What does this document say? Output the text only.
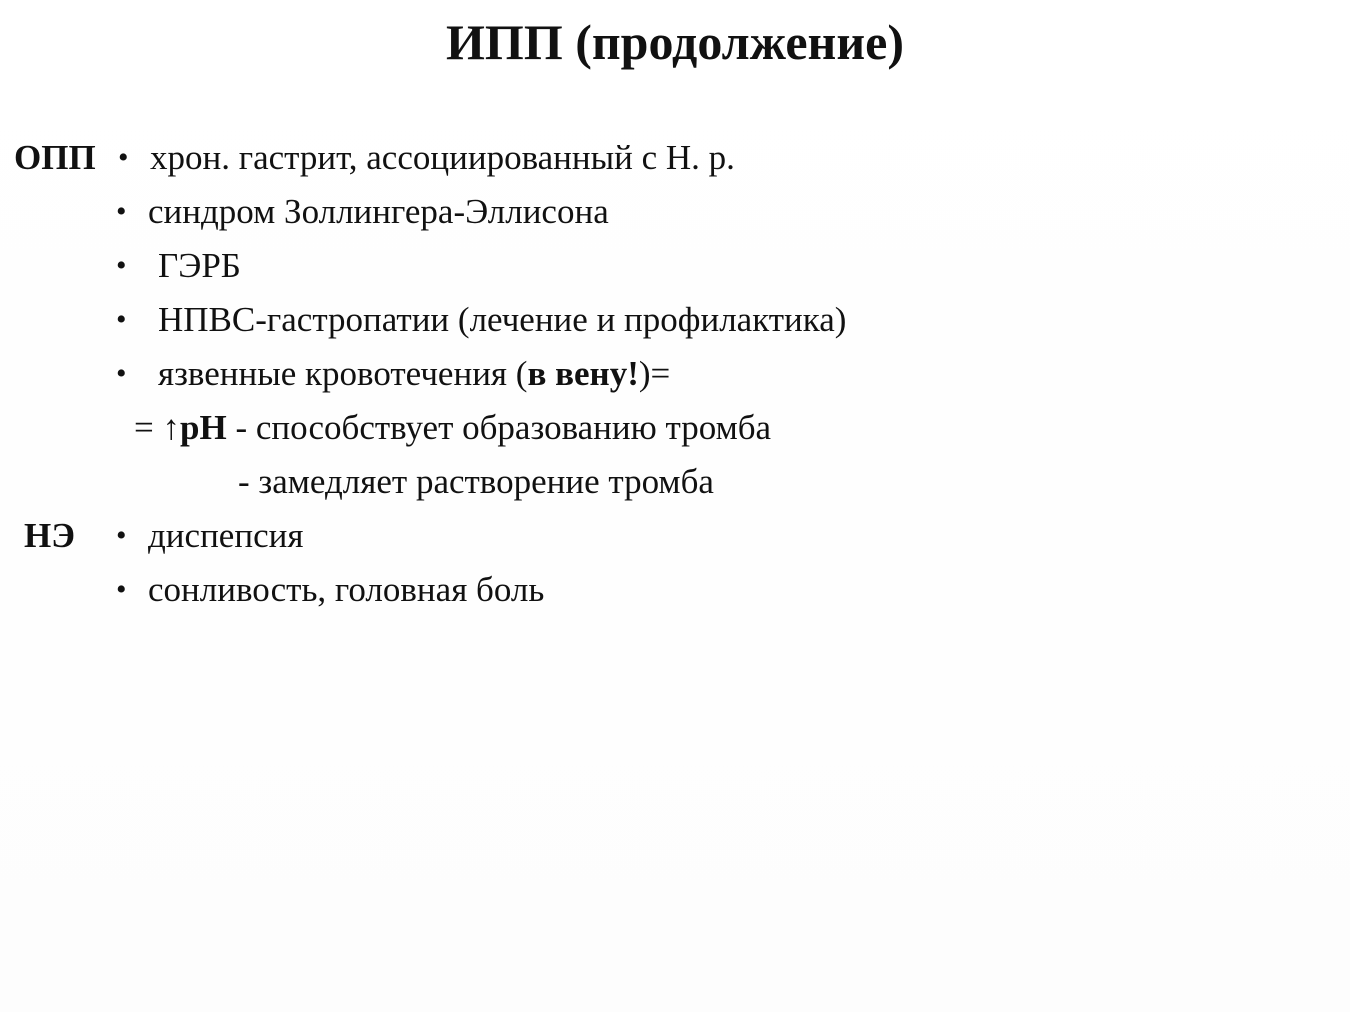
ИПП (продолжение)
ОПП • хрон. гастрит, ассоциированный с Н. р.
• синдром Золлингера-Эллисона
• ГЭРБ
• НПВС-гастропатии (лечение и профилактика)
• язвенные кровотечения (в вену!)=
= ↑pH - способствует образованию тромба
- замедляет растворение тромба
НЭ • диспепсия
• сонливость, головная боль
